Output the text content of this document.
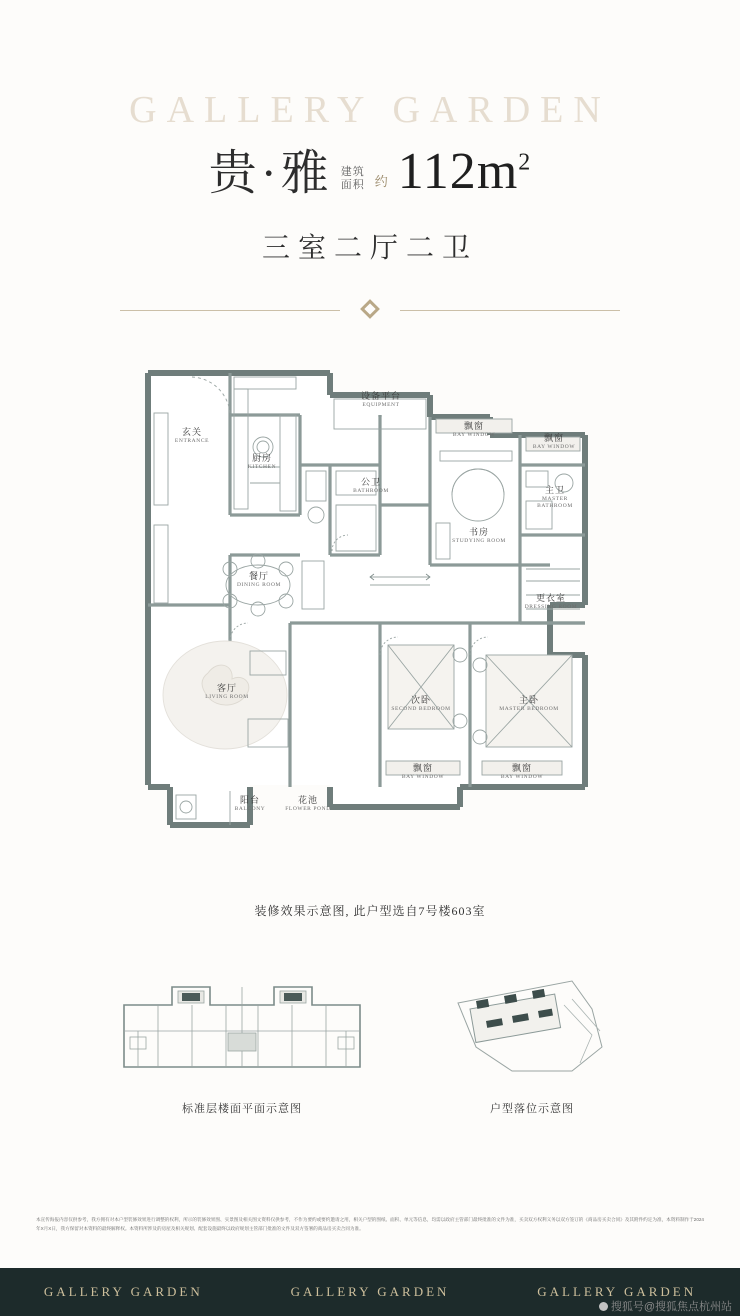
GALLERY GARDEN
贵·雅 建筑
面积 约 $112m^2$
三室二厅二卫
玄关
ENTRANCE
厨房
KITCHEN
设备平台
EQUIPMENT
公卫
BATHROOM
飘窗
BAY WINDOW	飘窗
BAY WINDOW
主卫
MASTER BATHROOM
书房
STUDYING ROOM
餐厅
DINING ROOM
更衣室
DRESSING ROOM
客厅
LIVING ROOM	次卧
SECOND BEDROOM
主卧
MASTER BEDROOM
飘窗
BAY WINDOW
飘窗
BAY WINDOW
阳台
BALCONY
花池
FLOWER POND
装修效果示意图, 此户型选自7号楼603室
标准层楼面平面示意图	户型落位示意图
本宣传海报内容仅供参考，我方拥有对本户型装修效果进行调整的权利，所示的装修效果图、实景图及相关图文资料仅供参考，不作为要约或要约邀请之用，相关户型的图纸、面积、单元等信息，均需以政府主管部门最终批准的文件为准，买卖双方权利义务以双方签订的《商品房买卖合同》及其附件约定为准，本资料制作于2024年X月X日，我方保留对本资料的最终解释权。本资料所涉及的房屋及相关规划、配套设施最终以政府规划主管部门批准的文件及双方签署的商品房买卖合同为准。
GALLERY GARDEN	GALLERY GARDEN	GALLERY GARDEN
搜狐号@搜狐焦点杭州站
